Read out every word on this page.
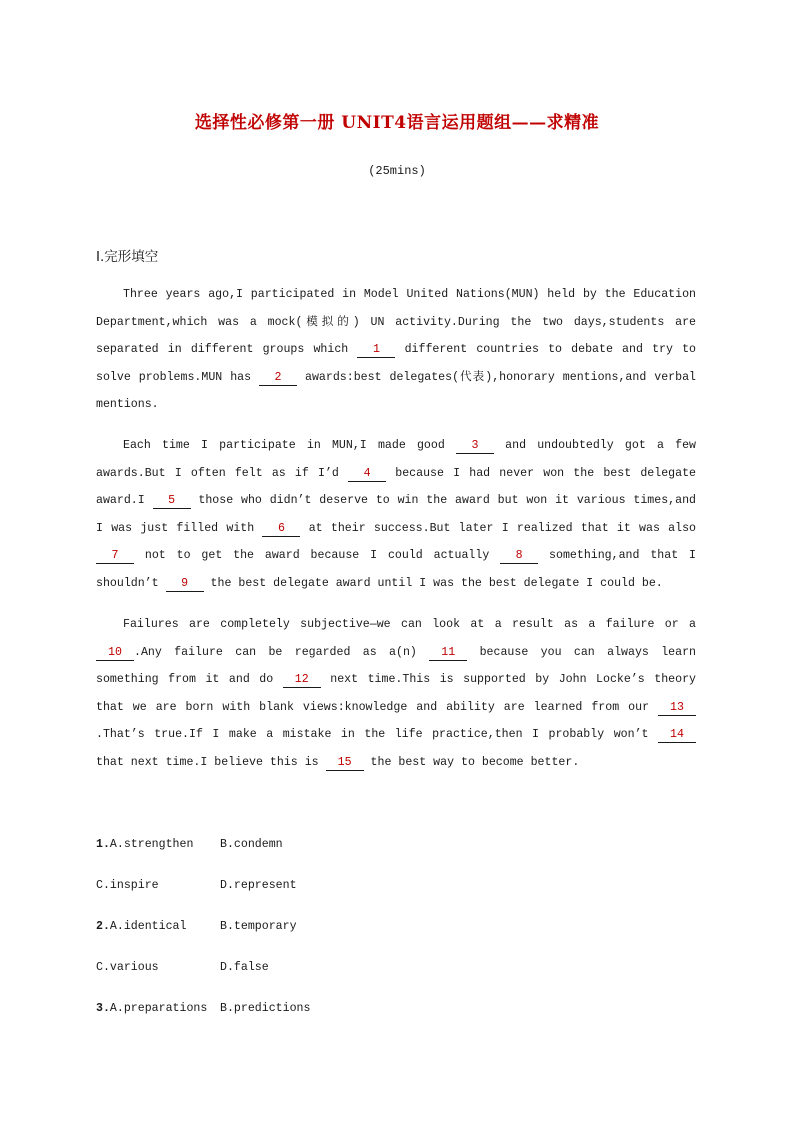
选择性必修第一册 UNIT4语言运用题组——求精准
(25mins)
Ⅰ.完形填空

Three years ago,I participated in Model United Nations(MUN) held by the Education Department,which was a mock(模拟的) UN activity.During the two days,students are separated in different groups which 1 different countries to debate and try to solve problems.MUN has 2 awards:best delegates(代表),honorary mentions,and verbal mentions.

Each time I participate in MUN,I made good 3 and undoubtedly got a few awards.But I often felt as if I’d 4 because I had never won the best delegate award.I 5 those who didn’t deserve to win the award but won it various times,and I was just filled with 6 at their success.But later I realized that it was also 7 not to get the award because I could actually 8 something,and that I shouldn’t 9 the best delegate award until I was the best delegate I could be.

Failures are completely subjective—we can look at a result as a failure or a 10 .Any failure can be regarded as a(n) 11 because you can always learn something from it and do 12 next time.This is supported by John Locke’s theory that we are born with blank views:knowledge and ability are learned from our 13.That’s true.If I make a mistake in the life practice,then I probably won’t 14 that next time.I believe this is 15 the best way to become better.

1.A.strengthen	B.condemn
C.inspire	D.represent
2.A.identical	B.temporary
C.various	D.false
3.A.preparations	B.predictions
